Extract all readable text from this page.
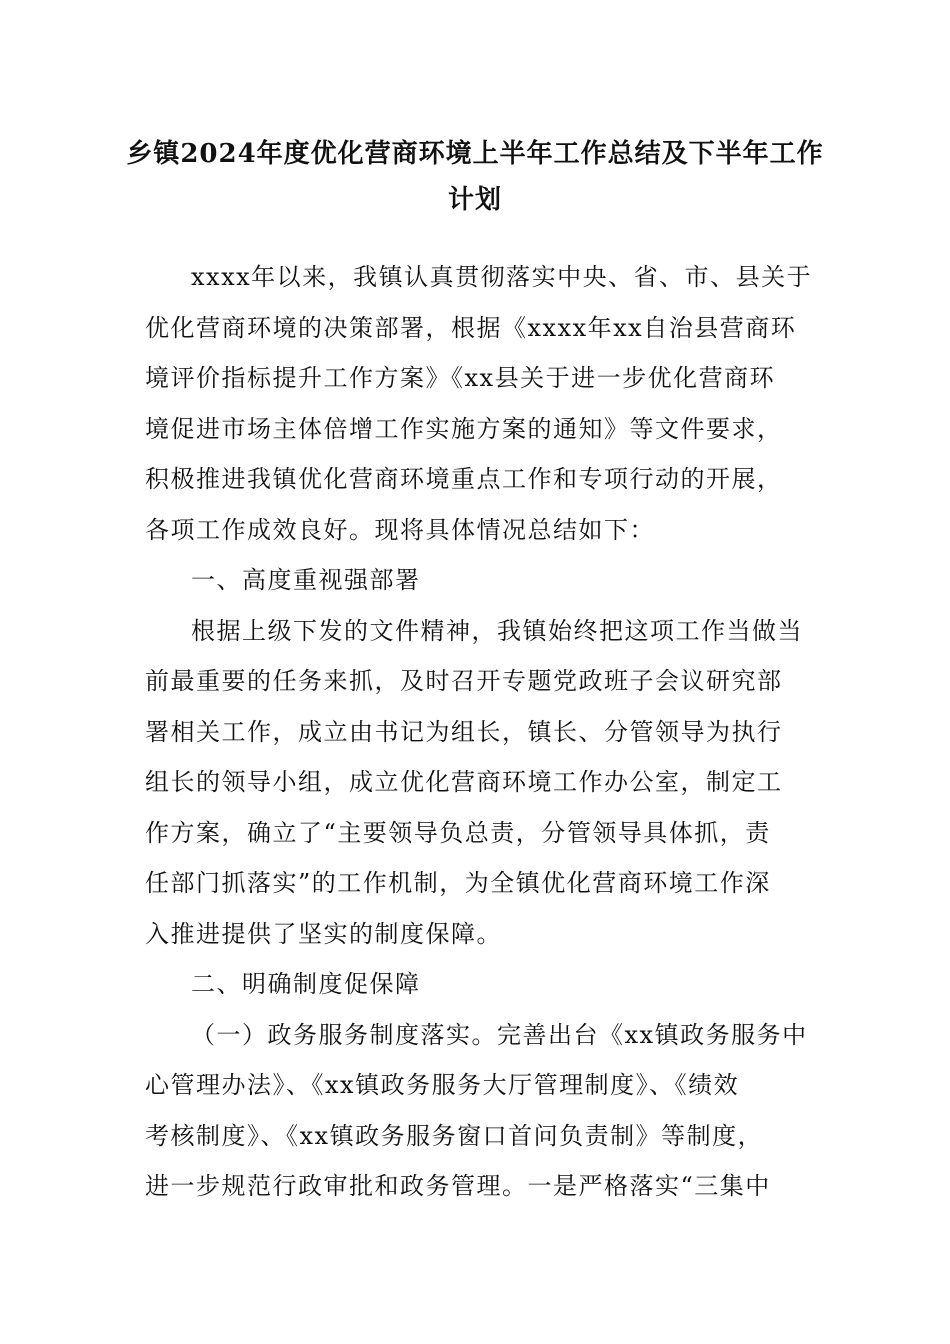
乡镇2024年度优化营商环境上半年工作总结及下半年工作
计划
xxxx年以来，我镇认真贯彻落实中央、省、市、县关于
优化营商环境的决策部署，根据《xxxx年xx自治县营商环
境评价指标提升工作方案》《xx县关于进一步优化营商环
境促进市场主体倍增工作实施方案的通知》等文件要求，
积极推进我镇优化营商环境重点工作和专项行动的开展，
各项工作成效良好。现将具体情况总结如下：
一、高度重视强部署
根据上级下发的文件精神，我镇始终把这项工作当做当
前最重要的任务来抓，及时召开专题党政班子会议研究部
署相关工作，成立由书记为组长，镇长、分管领导为执行
组长的领导小组，成立优化营商环境工作办公室，制定工
作方案，确立了“主要领导负总责，分管领导具体抓，责
任部门抓落实”的工作机制，为全镇优化营商环境工作深
入推进提供了坚实的制度保障。
二、明确制度促保障
（一）政务服务制度落实。完善出台《xx镇政务服务中
心管理办法》、《xx镇政务服务大厅管理制度》、《绩效
考核制度》、《xx镇政务服务窗口首问负责制》等制度，
进一步规范行政审批和政务管理。一是严格落实“三集中
